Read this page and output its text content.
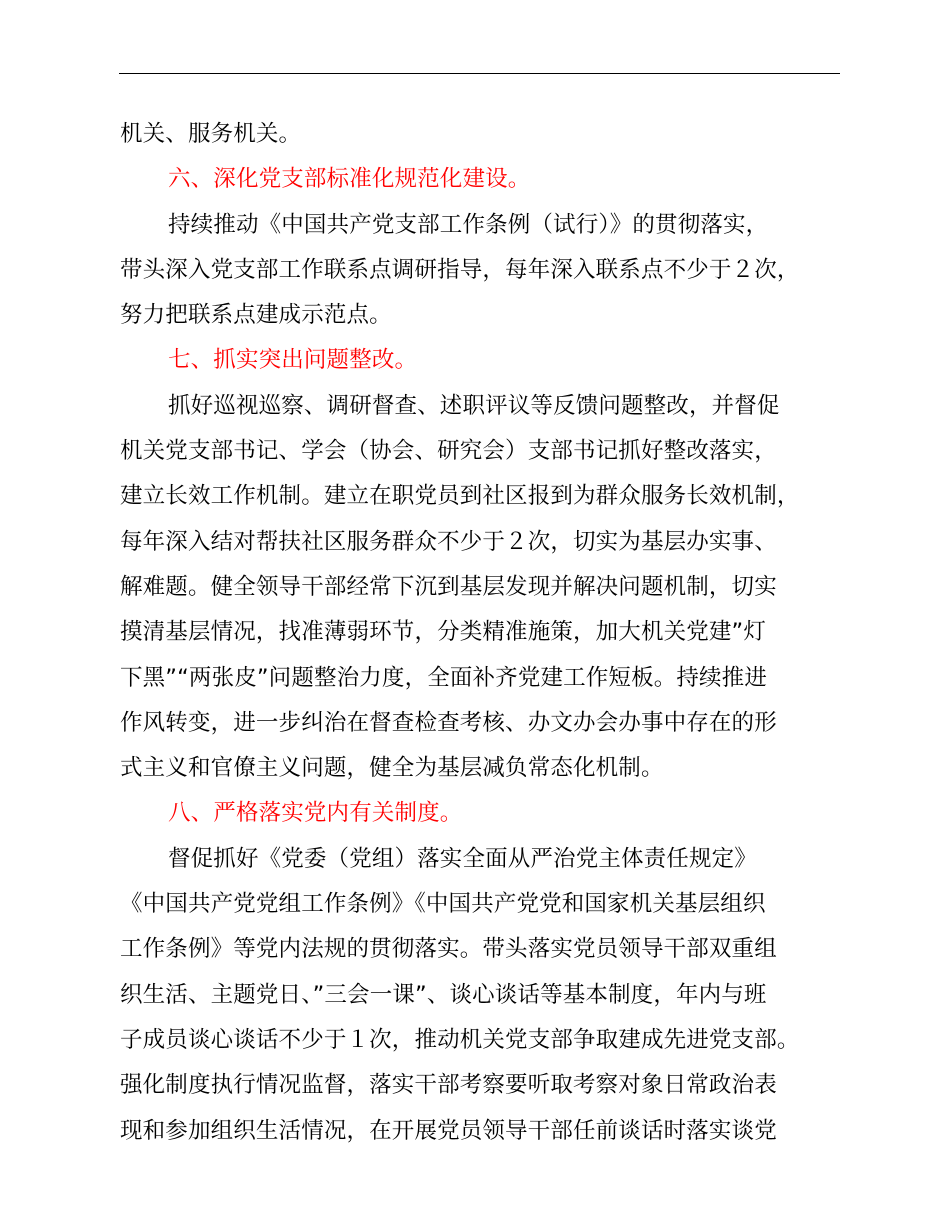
机关、服务机关。
六、深化党支部标准化规范化建设。
持续推动《中国共产党支部工作条例（试行）》的贯彻落实，
带头深入党支部工作联系点调研指导，每年深入联系点不少于２次，
努力把联系点建成示范点。
七、抓实突出问题整改。
抓好巡视巡察、调研督查、述职评议等反馈问题整改，并督促
机关党支部书记、学会（协会、研究会）支部书记抓好整改落实，
建立长效工作机制。建立在职党员到社区报到为群众服务长效机制，
每年深入结对帮扶社区服务群众不少于２次，切实为基层办实事、
解难题。健全领导干部经常下沉到基层发现并解决问题机制，切实
摸清基层情况，找准薄弱环节，分类精准施策，加大机关党建”灯
下黑”“两张皮”问题整治力度，全面补齐党建工作短板。持续推进
作风转变，进一步纠治在督查检查考核、办文办会办事中存在的形
式主义和官僚主义问题，健全为基层减负常态化机制。
八、严格落实党内有关制度。
督促抓好《党委（党组）落实全面从严治党主体责任规定》
《中国共产党党组工作条例》《中国共产党党和国家机关基层组织
工作条例》等党内法规的贯彻落实。带头落实党员领导干部双重组
织生活、主题党日、”三会一课”、谈心谈话等基本制度，年内与班
子成员谈心谈话不少于１次，推动机关党支部争取建成先进党支部。
强化制度执行情况监督，落实干部考察要听取考察对象日常政治表
现和参加组织生活情况，在开展党员领导干部任前谈话时落实谈党
